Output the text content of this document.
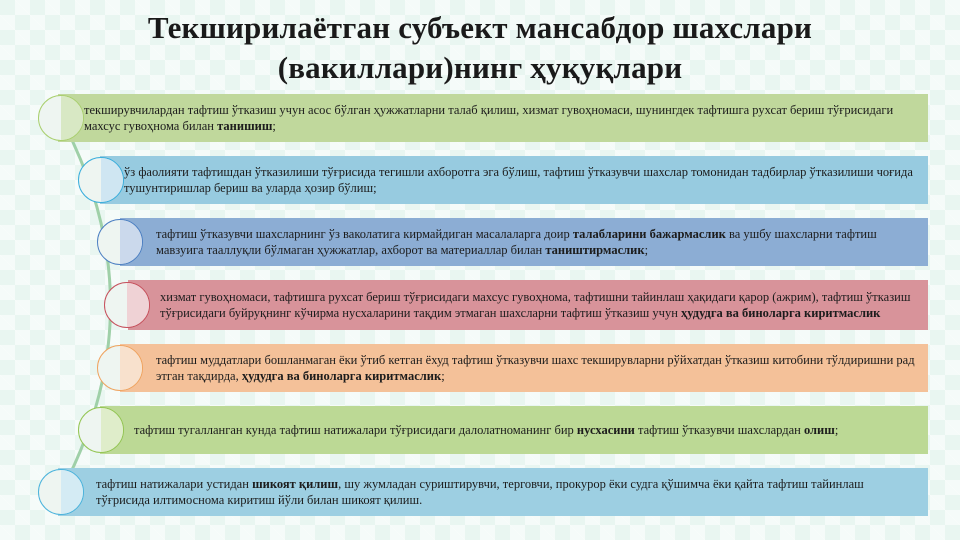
Текширилаётган субъект мансабдор шахслари
(вакиллари)нинг ҳуқуқлари
текширувчилардан тафтиш ўтказиш учун асос бўлган ҳужжатларни талаб қилиш, хизмат гувоҳномаси, шунингдек тафтишга рухсат бериш тўғрисидаги махсус гувоҳнома билан танишиш;
ўз фаолияти тафтишдан ўтказилиши тўғрисида тегишли ахборотга эга бўлиш, тафтиш ўтказувчи шахслар томонидан тадбирлар ўтказилиши чоғида тушунтиришлар бериш ва уларда ҳозир бўлиш;
тафтиш ўтказувчи шахсларнинг ўз ваколатига кирмайдиган масалаларга доир талабларини бажармаслик ва ушбу шахсларни тафтиш мавзуига тааллуқли бўлмаган ҳужжатлар, ахборот ва материаллар билан таништирмаслик;
хизмат гувоҳномаси, тафтишга рухсат бериш тўғрисидаги махсус гувоҳнома, тафтишни тайинлаш ҳақидаги қарор (ажрим), тафтиш ўтказиш тўғрисидаги буйруқнинг кўчирма нусхаларини тақдим этмаган шахсларни тафтиш ўтказиш учун ҳудудга ва биноларга киритмаслик
тафтиш муддатлари бошланмаган ёки ўтиб кетган ёхуд тафтиш ўтказувчи шахс текширувларни рўйхатдан ўтказиш китобини тўлдиришни рад этган тақдирда, ҳудудга ва биноларга киритмаслик;
тафтиш тугалланган кунда тафтиш натижалари тўғрисидаги далолатноманинг бир нусхасини тафтиш ўтказувчи шахслардан олиш;
тафтиш натижалари устидан шикоят қилиш, шу жумладан суриштирувчи, терговчи, прокурор ёки судга қўшимча ёки қайта тафтиш тайинлаш тўғрисида илтимосномa киритиш йўли билан шикоят қилиш.
